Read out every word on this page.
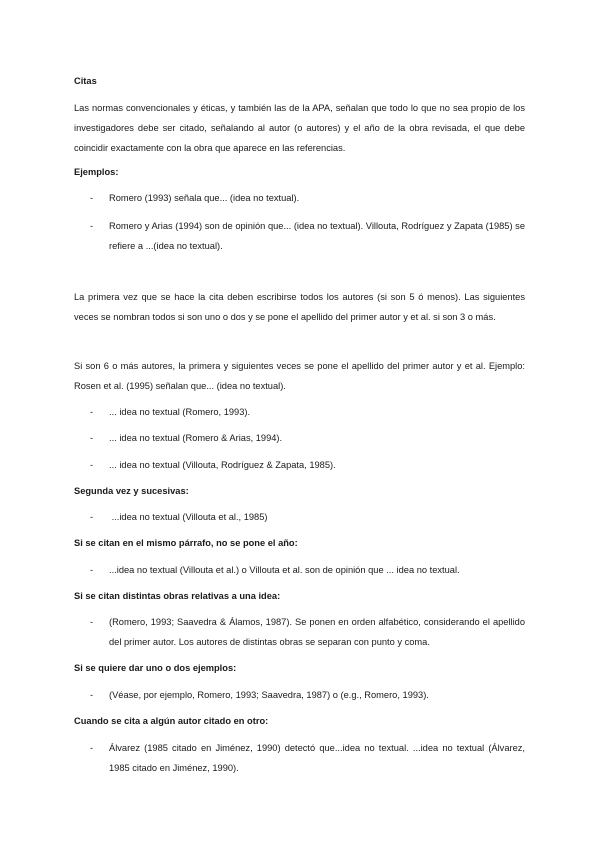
Citas

Las normas convencionales y éticas, y también las de la APA, señalan que todo lo que no sea propio de los investigadores debe ser citado, señalando al autor (o autores) y el año de la obra revisada, el que debe coincidir exactamente con la obra que aparece en las referencias.

Ejemplos:

- Romero (1993) señala que... (idea no textual).

- Romero y Arias (1994) son de opinión que... (idea no textual). Villouta, Rodríguez y Zapata (1985) se refiere a ...(idea no textual).

La primera vez que se hace la cita deben escribirse todos los autores (si son 5 ó menos). Las siguientes veces se nombran todos si son uno o dos y se pone el apellido del primer autor y et al. si son 3 o más.

Si son 6 o más autores, la primera y siguientes veces se pone el apellido del primer autor y et al. Ejemplo: Rosen et al. (1995) señalan que... (idea no textual).

- ... idea no textual (Romero, 1993).

- ... idea no textual (Romero & Arias, 1994).

- ... idea no textual (Villouta, Rodríguez & Zapata, 1985).

Segunda vez y sucesivas:

- ...idea no textual (Villouta et al., 1985)

Si se citan en el mismo párrafo, no se pone el año:

- ...idea no textual (Villouta et al.) o Villouta et al. son de opinión que ... idea no textual.

Si se citan distintas obras relativas a una idea:

- (Romero, 1993; Saavedra & Álamos, 1987). Se ponen en orden alfabético, considerando el apellido del primer autor. Los autores de distintas obras se separan con punto y coma.

Si se quiere dar uno o dos ejemplos:

- (Véase, por ejemplo, Romero, 1993; Saavedra, 1987) o (e.g., Romero, 1993).

Cuando se cita a algún autor citado en otro:

- Álvarez (1985 citado en Jiménez, 1990) detectó que...idea no textual. ...idea no textual (Álvarez, 1985 citado en Jiménez, 1990).
